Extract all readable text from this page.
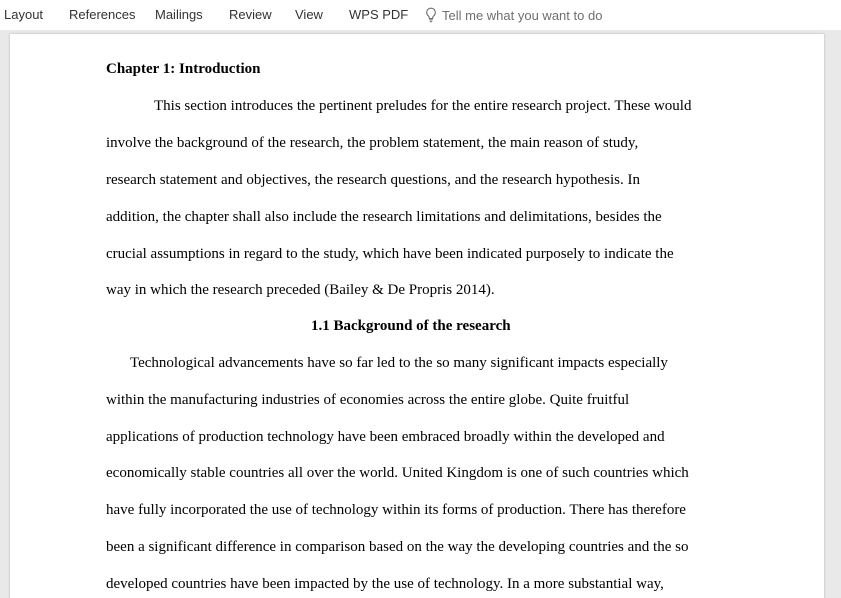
Layout References Mailings Review View WPS PDF	Tell me what you want to do
Chapter 1: Introduction
This section introduces the pertinent preludes for the entire research project. These would
involve the background of the research, the problem statement, the main reason of study,
research statement and objectives, the research questions, and the research hypothesis. In
addition, the chapter shall also include the research limitations and delimitations, besides the
crucial assumptions in regard to the study, which have been indicated purposely to indicate the
way in which the research preceded (Bailey & De Propris 2014).
1.1 Background of the research
Technological advancements have so far led to the so many significant impacts especially
within the manufacturing industries of economies across the entire globe. Quite fruitful
applications of production technology have been embraced broadly within the developed and
economically stable countries all over the world. United Kingdom is one of such countries which
have fully incorporated the use of technology within its forms of production. There has therefore
been a significant difference in comparison based on the way the developing countries and the so
developed countries have been impacted by the use of technology. In a more substantial way,
